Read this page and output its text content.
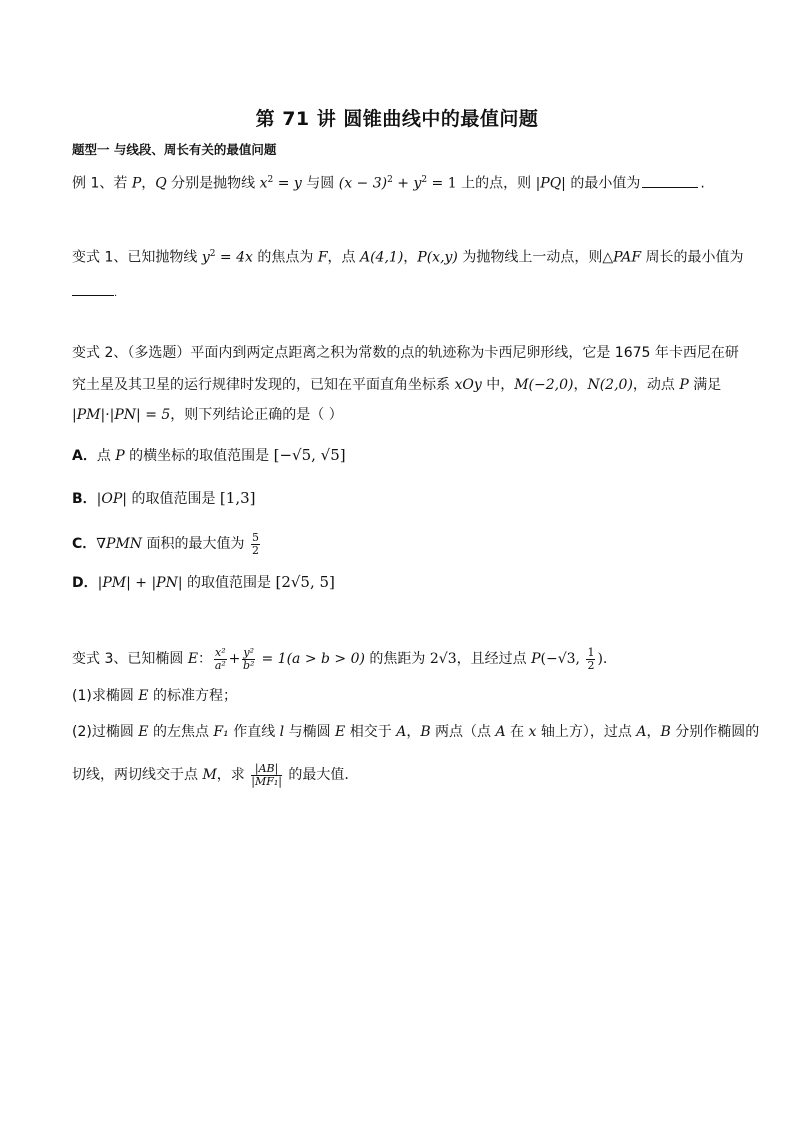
第 71 讲 圆锥曲线中的最值问题
题型一 与线段、周长有关的最值问题
例 1、若 P，Q 分别是抛物线 $x^2 = y$ 与圆 $(x - 3)^2 + y^2 = 1$ 上的点，则 |PQ| 的最小值为	.
变式 1、已知抛物线 $y^2 = 4x$ 的焦点为 F，点 A(4,1)，P(x,y) 为抛物线上一动点，则△PAF 周长的最小值为
.
变式 2、（多选题）平面内到两定点距离之积为常数的点的轨迹称为卡西尼卵形线，它是 1675 年卡西尼在研
究土星及其卫星的运行规律时发现的，已知在平面直角坐标系 xOy 中，M(−2,0)，N(2,0)，动点 P 满足
|PM|·|PN| = 5，则下列结论正确的是（ ）
A．点 P 的横坐标的取值范围是 [−√5, √5]
B．|OP| 的取值范围是 [1,3]
C．∇PMN 面积的最大值为 $\frac{5}{2}$
D．|PM| + |PN| 的取值范围是 [2√5, 5]
变式 3、已知椭圆 E： $\frac{\text{x²}}{\text{a²}} + \frac{\text{y²}}{\text{b²}} = 1(a > b > 0)$ 的焦距为 2√3，且经过点 P(−√3, $\frac{1}{2}$ ).
(1)求椭圆 E 的标准方程；
(2)过椭圆 E 的左焦点 F₁ 作直线 l 与椭圆 E 相交于 A，B 两点（点 A 在 x 轴上方），过点 A，B 分别作椭圆的
切线，两切线交于点 M，求 $\frac{|AB|}{\text{|MF₁|}}$ 的最大值.
